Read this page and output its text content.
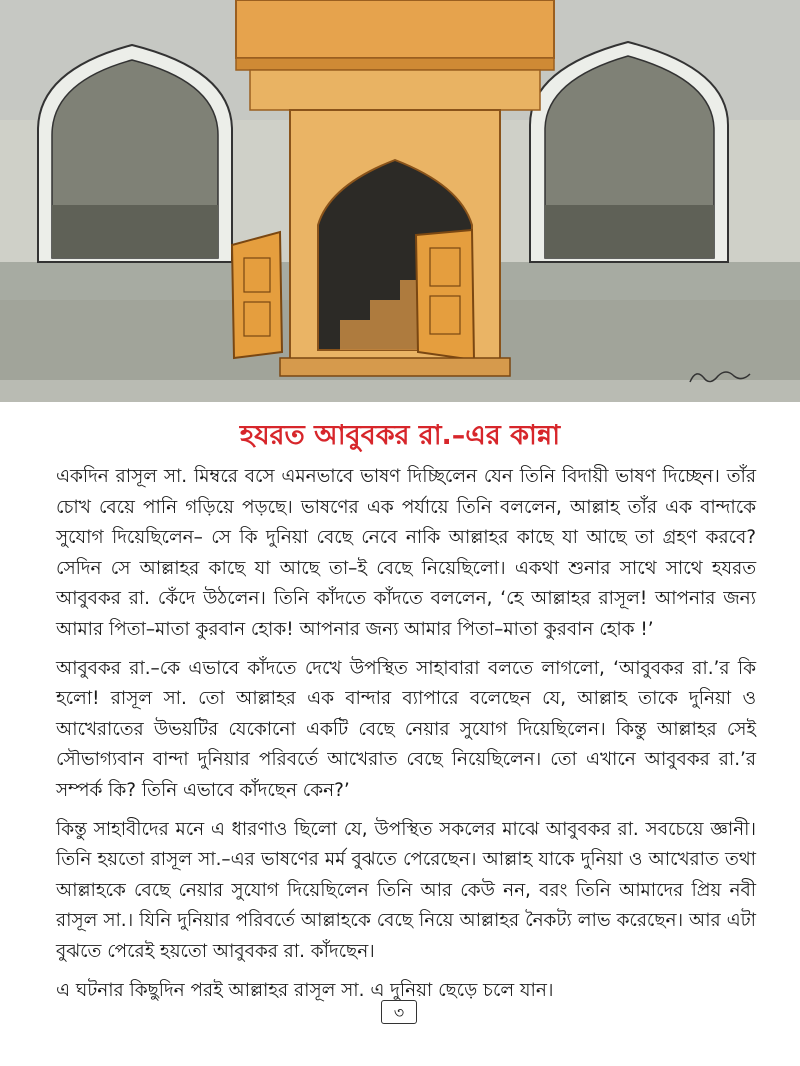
হযরত আবুবকর রা.–এর কান্না

একদিন রাসূল সা. মিম্বরে বসে এমনভাবে ভাষণ দিচ্ছিলেন যেন তিনি বিদায়ী ভাষণ দিচ্ছেন। তাঁর চোখ বেয়ে পানি গড়িয়ে পড়ছে। ভাষণের এক পর্যায়ে তিনি বললেন, আল্লাহ তাঁর এক বান্দাকে সুযোগ দিয়েছিলেন– সে কি দুনিয়া বেছে নেবে নাকি আল্লাহর কাছে যা আছে তা গ্রহণ করবে? সেদিন সে আল্লাহর কাছে যা আছে তা–ই বেছে নিয়েছিলো। একথা শুনার সাথে সাথে হযরত আবুবকর রা. কেঁদে উঠলেন। তিনি কাঁদতে কাঁদতে বললেন, ‘হে আল্লাহর রাসূল! আপনার জন্য আমার পিতা–মাতা কুরবান হোক! আপনার জন্য আমার পিতা–মাতা কুরবান হোক !’

আবুবকর রা.–কে এভাবে কাঁদতে দেখে উপস্থিত সাহাবারা বলতে লাগলো, ‘আবুবকর রা.’র কি হলো! রাসূল সা. তো আল্লাহর এক বান্দার ব্যাপারে বলেছেন যে, আল্লাহ তাকে দুনিয়া ও আখেরাতের উভয়টির যেকোনো একটি বেছে নেয়ার সুযোগ দিয়েছিলেন। কিন্তু আল্লাহর সেই সৌভাগ্যবান বান্দা দুনিয়ার পরিবর্তে আখেরাত বেছে নিয়েছিলেন। তো এখানে আবুবকর রা.’র সম্পর্ক কি? তিনি এভাবে কাঁদছেন কেন?’

কিন্তু সাহাবীদের মনে এ ধারণাও ছিলো যে, উপস্থিত সকলের মাঝে আবুবকর রা. সবচেয়ে জ্ঞানী। তিনি হয়তো রাসূল সা.–এর ভাষণের মর্ম বুঝতে পেরেছেন। আল্লাহ যাকে দুনিয়া ও আখেরাত তথা আল্লাহকে বেছে নেয়ার সুযোগ দিয়েছিলেন তিনি আর কেউ নন, বরং তিনি আমাদের প্রিয় নবী রাসূল সা.। যিনি দুনিয়ার পরিবর্তে আল্লাহকে বেছে নিয়ে আল্লাহর নৈকট্য লাভ করেছেন। আর এটা বুঝতে পেরেই হয়তো আবুবকর রা. কাঁদছেন।

এ ঘটনার কিছুদিন পরই আল্লাহর রাসূল সা. এ দুনিয়া ছেড়ে চলে যান।

৩
